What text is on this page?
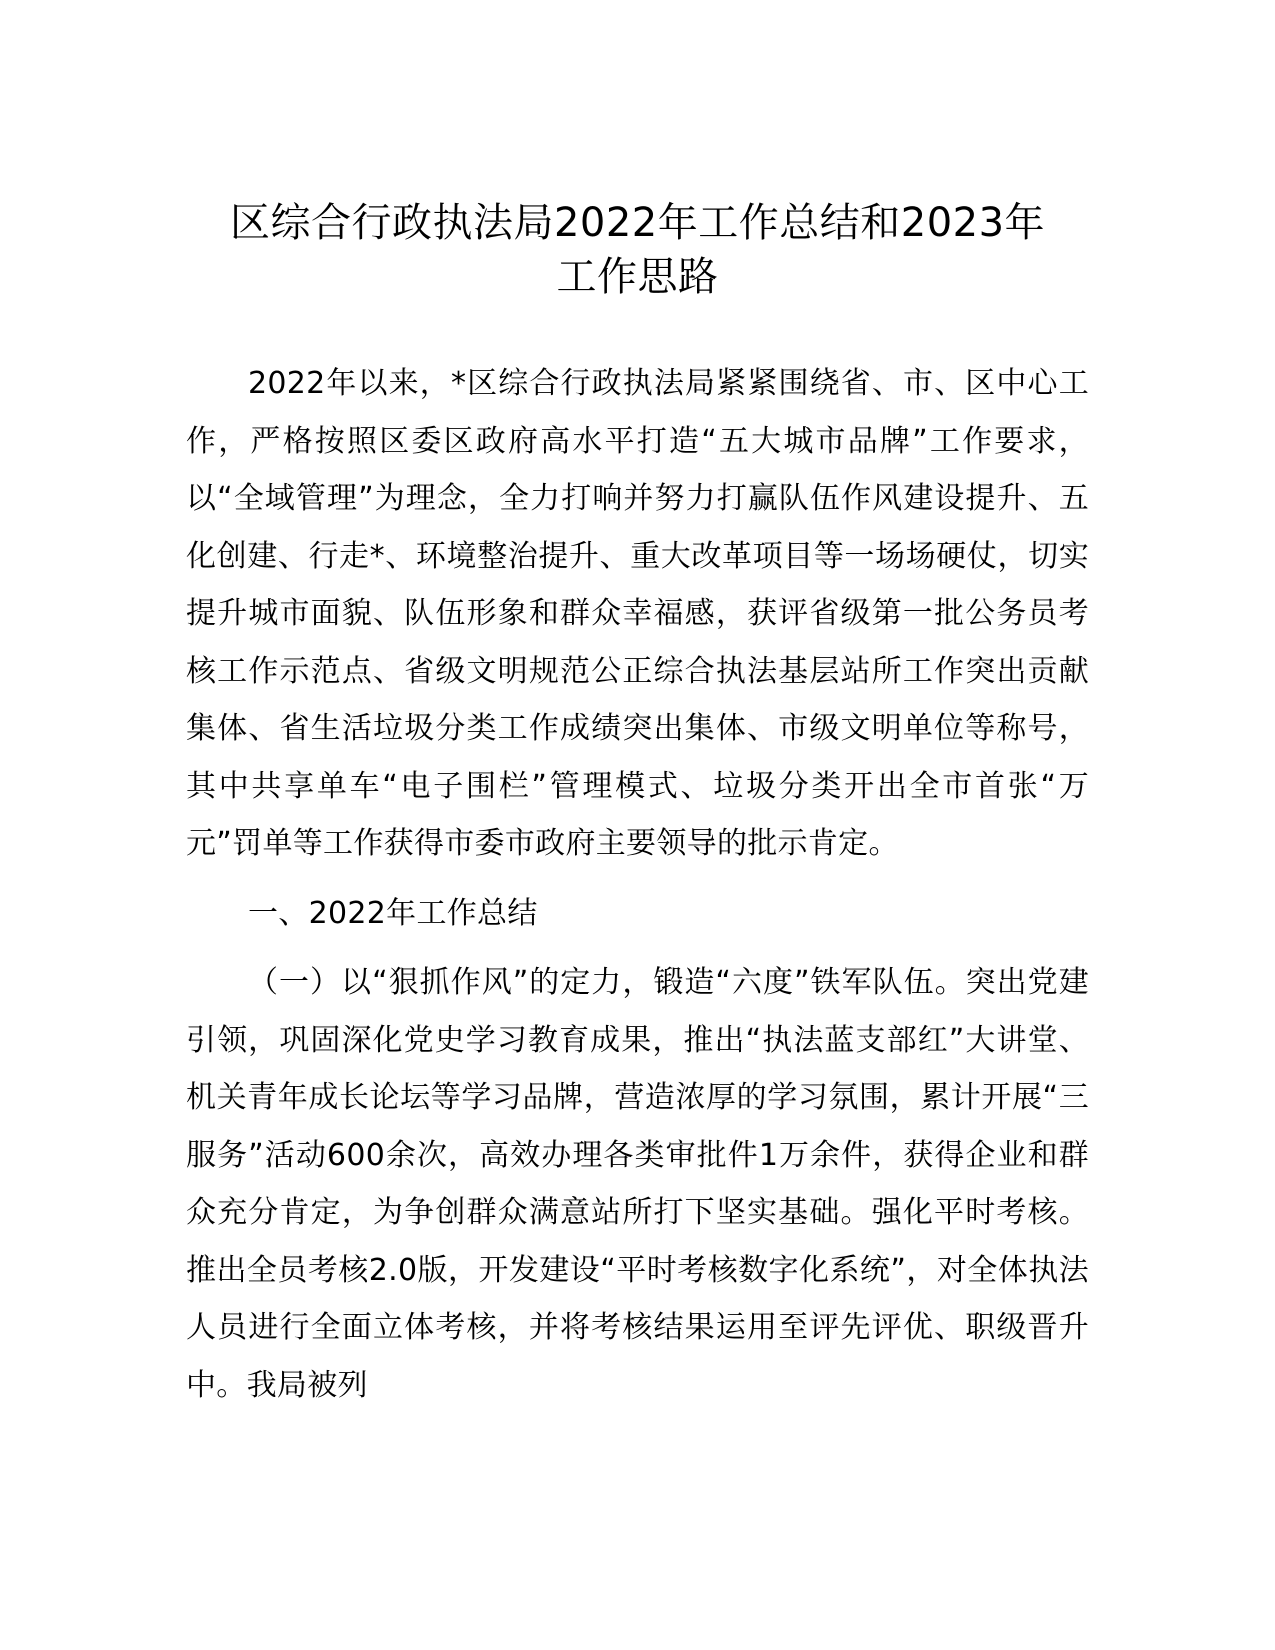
区综合行政执法局2022年工作总结和2023年
工作思路

2022年以来，*区综合行政执法局紧紧围绕省、市、区中心工作，严格按照区委区政府高水平打造“五大城市品牌”工作要求，以“全域管理”为理念，全力打响并努力打赢队伍作风建设提升、五化创建、行走*、环境整治提升、重大改革项目等一场场硬仗，切实提升城市面貌、队伍形象和群众幸福感，获评省级第一批公务员考核工作示范点、省级文明规范公正综合执法基层站所工作突出贡献集体、省生活垃圾分类工作成绩突出集体、市级文明单位等称号，其中共享单车“电子围栏”管理模式、垃圾分类开出全市首张“万元”罚单等工作获得市委市政府主要领导的批示肯定。

一、2022年工作总结

（一）以“狠抓作风”的定力，锻造“六度”铁军队伍。突出党建引领，巩固深化党史学习教育成果，推出“执法蓝支部红”大讲堂、机关青年成长论坛等学习品牌，营造浓厚的学习氛围，累计开展“三服务”活动600余次，高效办理各类审批件1万余件，获得企业和群众充分肯定，为争创群众满意站所打下坚实基础。强化平时考核。推出全员考核2.0版，开发建设“平时考核数字化系统”，对全体执法人员进行全面立体考核，并将考核结果运用至评先评优、职级晋升中。我局被列
